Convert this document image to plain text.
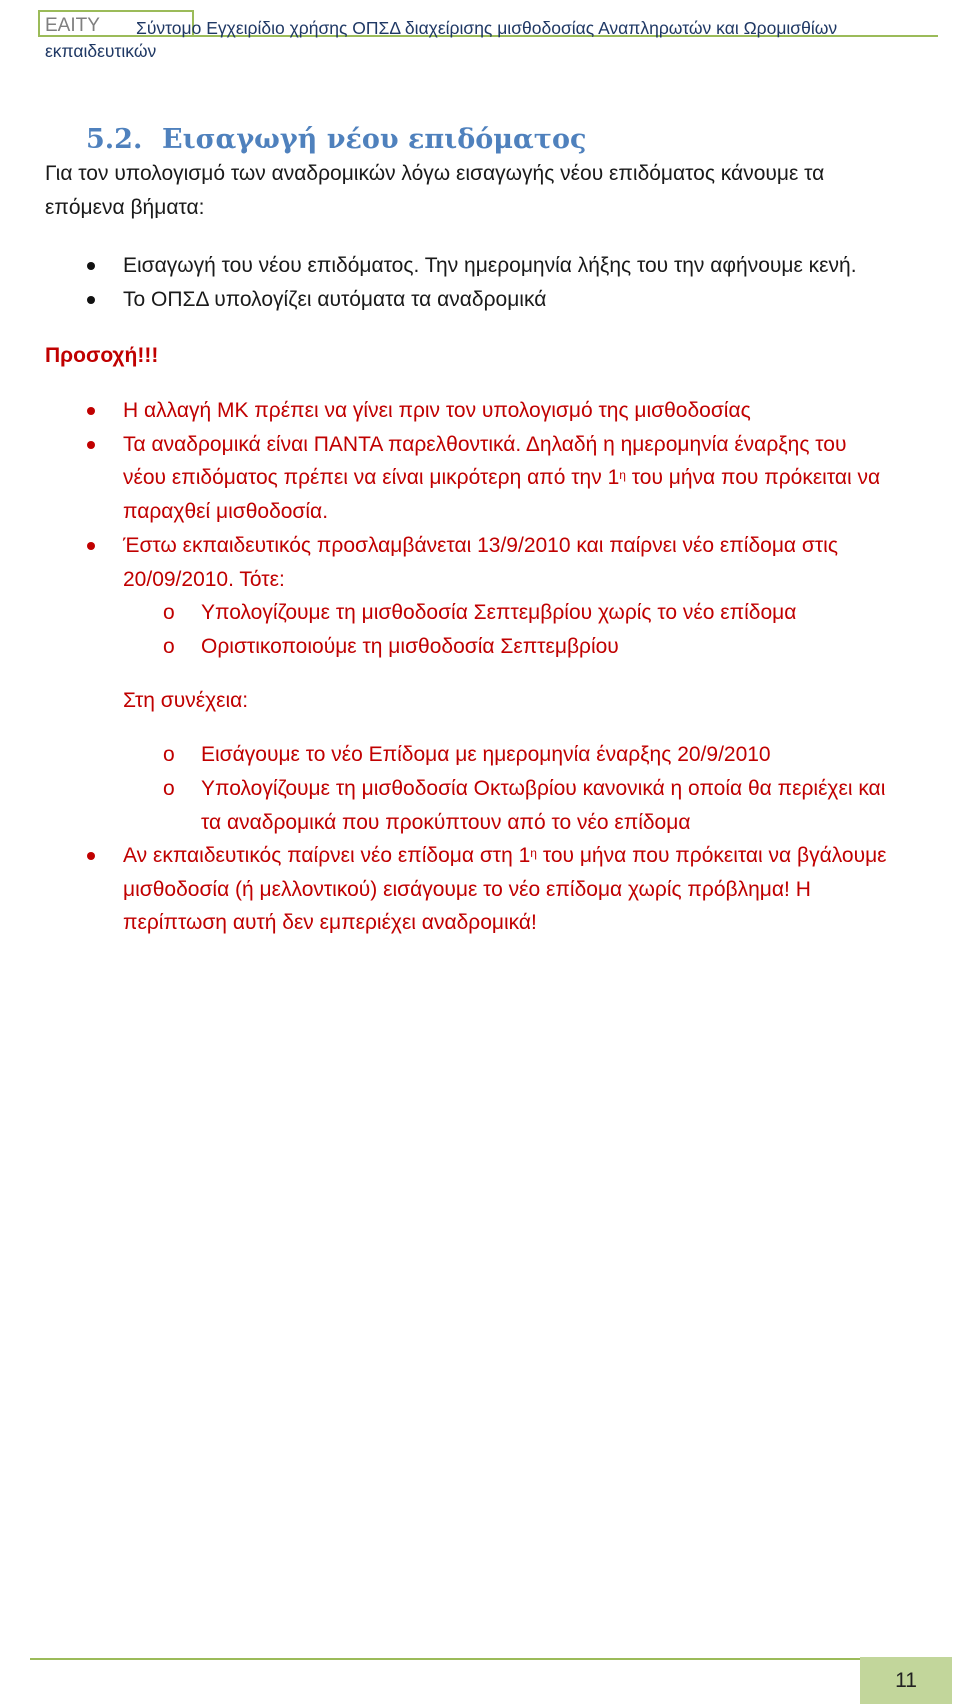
ΕΑΙΤΥ Σύντομο Εγχειρίδιο χρήσης ΟΠΣΔ διαχείρισης μισθοδοσίας Αναπληρωτών και Ωρομισθίων
εκπαιδευτικών
5.2. Εισαγωγή νέου επιδόματος
Για τον υπολογισμό των αναδρομικών λόγω εισαγωγής νέου επιδόματος κάνουμε τα
επόμενα βήματα:
Εισαγωγή του νέου επιδόματος. Την ημερομηνία λήξης του την αφήνουμε κενή.
Το ΟΠΣΔ υπολογίζει αυτόματα τα αναδρομικά
Προσοχή!!!
Η αλλαγή ΜΚ πρέπει να γίνει πριν τον υπολογισμό της μισθοδοσίας
Τα αναδρομικά είναι ΠΑΝΤΑ παρελθοντικά. Δηλαδή η ημερομηνία έναρξης του
νέου επιδόματος πρέπει να είναι μικρότερη από την $1^\eta$ του μήνα που πρόκειται να
παραχθεί μισθοδοσία.
Έστω εκπαιδευτικός προσλαμβάνεται 13/9/2010 και παίρνει νέο επίδομα στις
20/09/2010. Τότε:
o Υπολογίζουμε τη μισθοδοσία Σεπτεμβρίου χωρίς το νέο επίδομα
o Οριστικοποιούμε τη μισθοδοσία Σεπτεμβρίου
Στη συνέχεια:
o Εισάγουμε το νέο Επίδομα με ημερομηνία έναρξης 20/9/2010
o Υπολογίζουμε τη μισθοδοσία Οκτωβρίου κανονικά η οποία θα περιέχει και
τα αναδρομικά που προκύπτουν από το νέο επίδομα
Αν εκπαιδευτικός παίρνει νέο επίδομα στη $1^\eta$ του μήνα που πρόκειται να βγάλουμε
μισθοδοσία (ή μελλοντικού) εισάγουμε το νέο επίδομα χωρίς πρόβλημα! Η
περίπτωση αυτή δεν εμπεριέχει αναδρομικά!
11
